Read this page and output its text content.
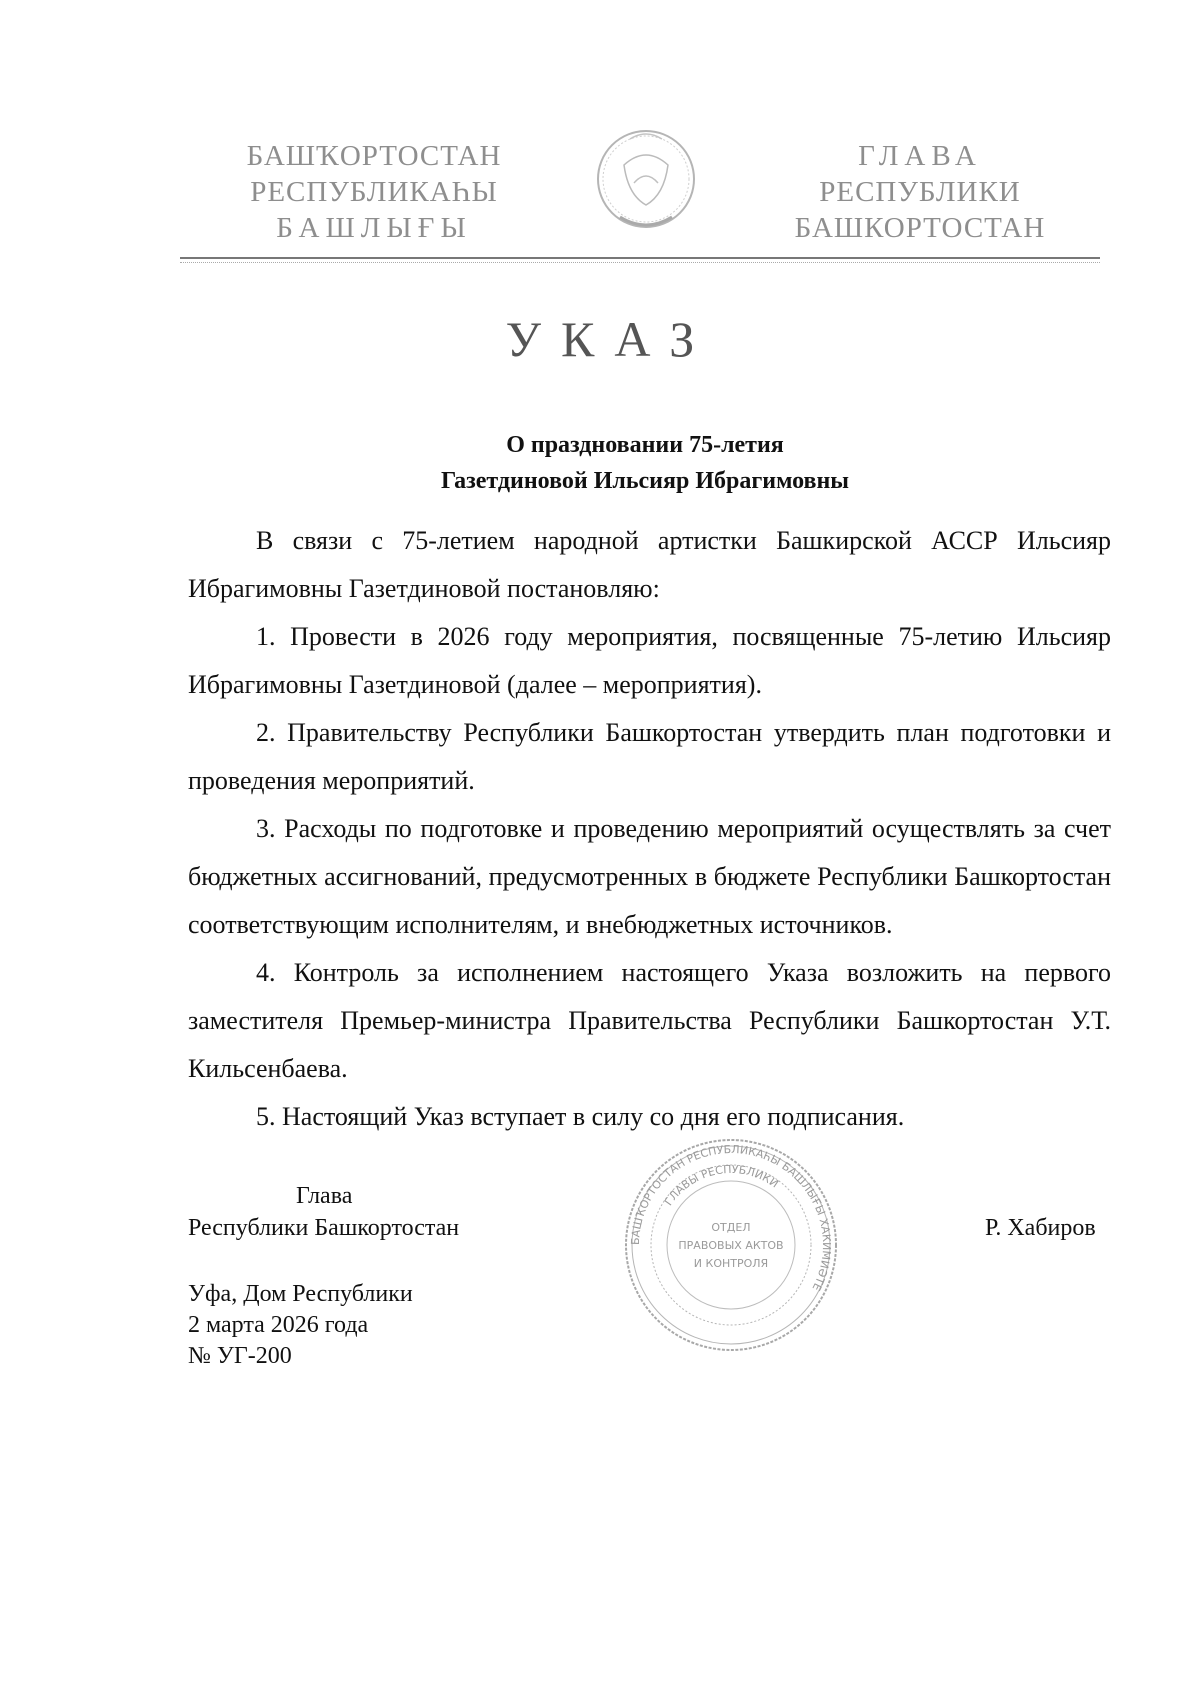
БАШҠОРТОСТАН
РЕСПУБЛИКАҺЫ
БАШЛЫҒЫ
ГЛАВА
РЕСПУБЛИКИ
БАШКОРТОСТАН
УКАЗ
О праздновании 75-летия
Газетдиновой Ильсияр Ибрагимовны

В связи с 75-летием народной артистки Башкирской АССР Ильсияр Ибрагимовны Газетдиновой постановляю:

1. Провести в 2026 году мероприятия, посвященные 75-летию Ильсияр Ибрагимовны Газетдиновой (далее – мероприятия).

2. Правительству Республики Башкортостан утвердить план подготовки и проведения мероприятий.

3. Расходы по подготовке и проведению мероприятий осуществлять за счет бюджетных ассигнований, предусмотренных в бюджете Республики Башкортостан соответствующим исполнителям, и внебюджетных источников.

4. Контроль за исполнением настоящего Указа возложить на первого заместителя Премьер-министра Правительства Республики Башкортостан У.Т. Кильсенбаева.

5. Настоящий Указ вступает в силу со дня его подписания.

Глава
Республики Башкортостан	Р. Хабиров
Уфа, Дом Республики
2 марта 2026 года
№ УГ-200
БАШҠОРТОСТАН РЕСПУБЛИКАҺЫ БАШЛЫҒЫ ХАКИМИӘТЕ
ГЛАВЫ РЕСПУБЛИКИ
ОТДЕЛ
ПРАВОВЫХ АКТОВ
И КОНТРОЛЯ
